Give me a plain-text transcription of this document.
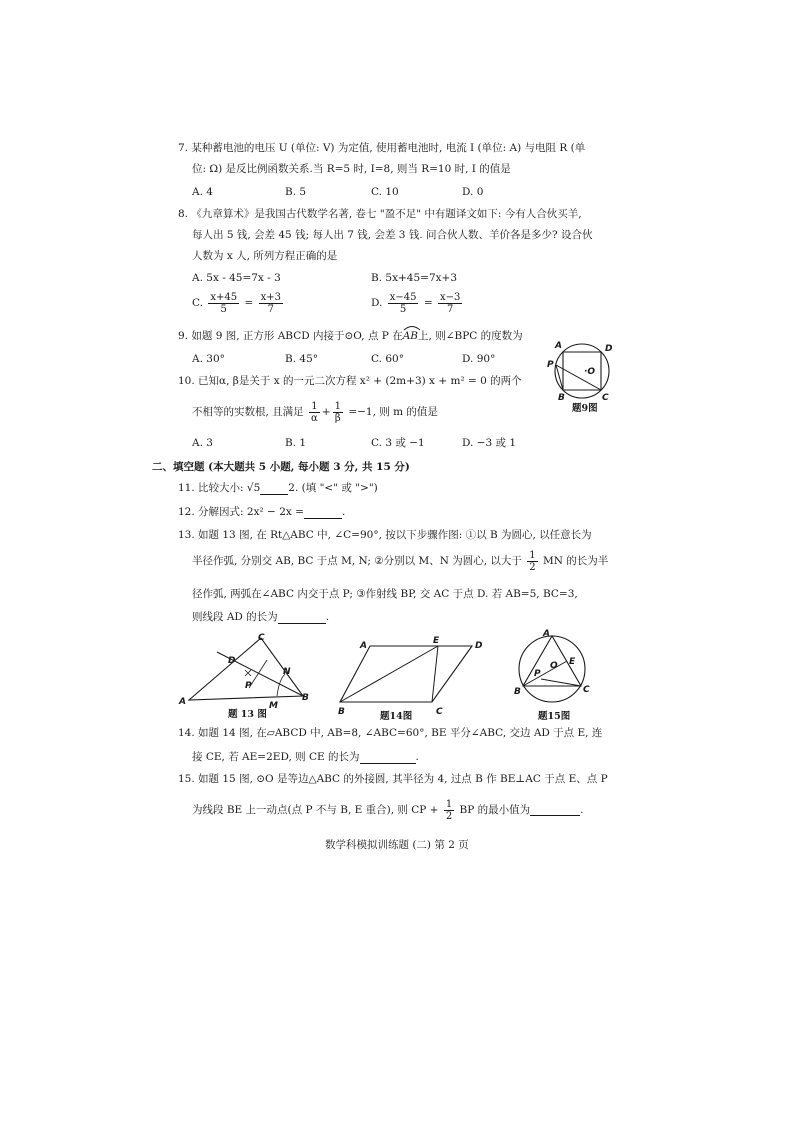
7. 某种蓄电池的电压 U (单位: V) 为定值, 使用蓄电池时, 电流 I (单位: A) 与电阻 R (单
位: Ω) 是反比例函数关系.当 R=5 时, I=8, 则当 R=10 时, I 的值是
A. 4	B. 5	C. 10	D. 0
8. 《九章算术》是我国古代数学名著, 卷七 "盈不足" 中有题译文如下: 今有人合伙买羊,
每人出 5 钱, 会差 45 钱; 每人出 7 钱, 会差 3 钱. 问合伙人数、羊价各是多少? 设合伙
人数为 x 人, 所列方程正确的是
A. 5x - 45=7x - 3	B. 5x+45=7x+3
C. $\frac{x+45}{5} = \frac{x+3}{7}$	D. $\frac{x-45}{5} = \frac{x-3}{7}$
9. 如题 9 图, 正方形 ABCD 内接于⊙O, 点 P 在
AB上, 则∠BPC 的度数为
A. 30°	B. 45°	C. 60°	D. 90°
A	D
P
·O
B	C
题9图
10. 已知α, β是关于 x 的一元二次方程 x² + (2m+3) x + m² = 0 的两个
不相等的实数根, 且满足 $\frac{1}{\alpha} + \frac{1}{\beta} =-1$, 则 m 的值是
A. 3	B. 1	C. 3 或 −1	D. −3 或 1
二、填空题 (本大题共 5 小题, 每小题 3 分, 共 15 分)
11. 比较大小: √5	2. (填 "<" 或 ">")
12. 分解因式: 2x² − 2x =	.
13. 如题 13 图, 在 Rt△ABC 中, ∠C=90°, 按以下步骤作图: ①以 B 为圆心, 以任意长为
半径作弧, 分别交 AB, BC 于点 M, N; ②分别以 M、N 为圆心, 以大于 $\frac{1}{2}$ MN 的长为半
径作弧, 两弧在∠ABC 内交于点 P; ③作射线 BP, 交 AC 于点 D. 若 AB=5, BC=3,
则线段 AD 的长为	.
C
D
P
N
A	M
B
题 13 图
A	E	D
B	C
题14图
A
O E
P
B	C
题15图
14. 如题 14 图, 在▱ABCD 中, AB=8, ∠ABC=60°, BE 平分∠ABC, 交边 AD 于点 E, 连
接 CE, 若 AE=2ED, 则 CE 的长为	.
15. 如题 15 图, ⊙O 是等边△ABC 的外接圆, 其半径为 4, 过点 B 作 BE⊥AC 于点 E、点 P
为线段 BE 上一动点(点 P 不与 B, E 重合), 则 CP + $\frac{1}{2}$ BP 的最小值为	.
数学科模拟训练题 (二) 第 2 页
